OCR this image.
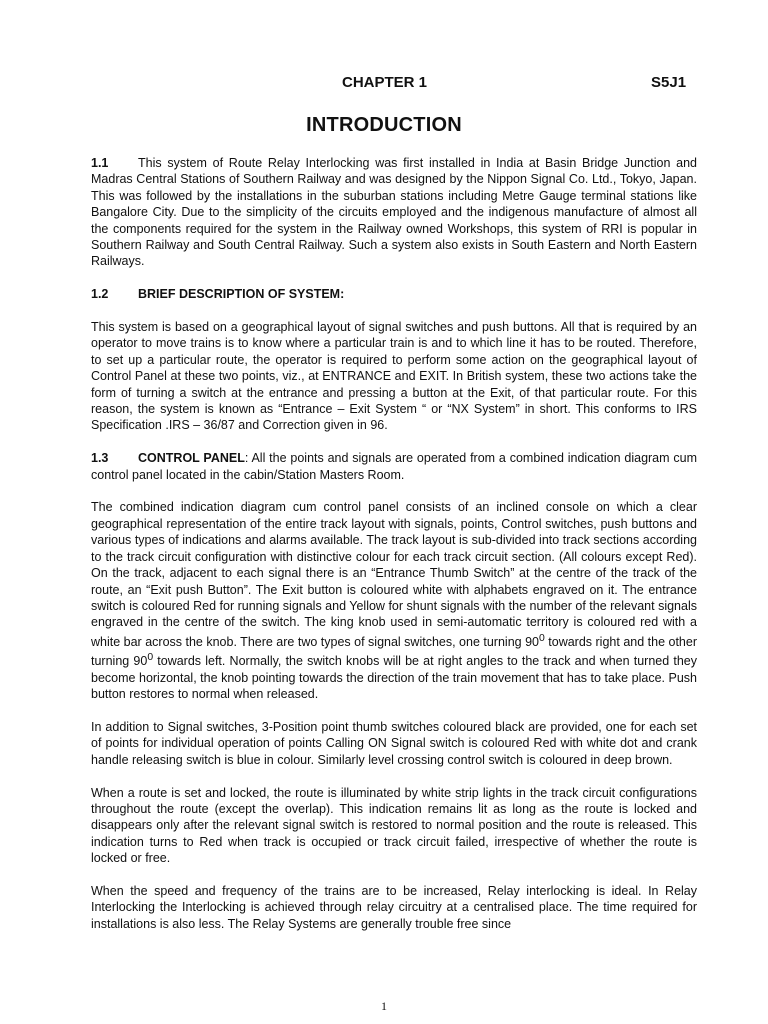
CHAPTER 1	S5J1
INTRODUCTION

1.1 This system of Route Relay Interlocking was first installed in India at Basin Bridge Junction and Madras Central Stations of Southern Railway and was designed by the Nippon Signal Co. Ltd., Tokyo, Japan. This was followed by the installations in the suburban stations including Metre Gauge terminal stations like Bangalore City. Due to the simplicity of the circuits employed and the indigenous manufacture of almost all the components required for the system in the Railway owned Workshops, this system of RRI is popular in Southern Railway and South Central Railway. Such a system also exists in South Eastern and North Eastern Railways.

1.2 BRIEF DESCRIPTION OF SYSTEM:

This system is based on a geographical layout of signal switches and push buttons. All that is required by an operator to move trains is to know where a particular train is and to which line it has to be routed. Therefore, to set up a particular route, the operator is required to perform some action on the geographical layout of Control Panel at these two points, viz., at ENTRANCE and EXIT. In British system, these two actions take the form of turning a switch at the entrance and pressing a button at the Exit, of that particular route. For this reason, the system is known as “Entrance – Exit System “ or “NX System” in short. This conforms to IRS Specification .IRS – 36/87 and Correction given in 96.

1.3 CONTROL PANEL: All the points and signals are operated from a combined indication diagram cum control panel located in the cabin/Station Masters Room.

The combined indication diagram cum control panel consists of an inclined console on which a clear geographical representation of the entire track layout with signals, points, Control switches, push buttons and various types of indications and alarms available. The track layout is sub-divided into track sections according to the track circuit configuration with distinctive colour for each track circuit section. (All colours except Red). On the track, adjacent to each signal there is an “Entrance Thumb Switch” at the centre of the track of the route, an “Exit push Button”. The Exit button is coloured white with alphabets engraved on it. The entrance switch is coloured Red for running signals and Yellow for shunt signals with the number of the relevant signals engraved in the centre of the switch. The king knob used in semi-automatic territory is coloured red with a white bar across the knob. There are two types of signal switches, one turning $90^0$ towards right and the other turning $90^0$ towards left. Normally, the switch knobs will be at right angles to the track and when turned they become horizontal, the knob pointing towards the direction of the train movement that has to take place. Push button restores to normal when released.

In addition to Signal switches, 3-Position point thumb switches coloured black are provided, one for each set of points for individual operation of points Calling ON Signal switch is coloured Red with white dot and crank handle releasing switch is blue in colour. Similarly level crossing control switch is coloured in deep brown.

When a route is set and locked, the route is illuminated by white strip lights in the track circuit configurations throughout the route (except the overlap). This indication remains lit as long as the route is locked and disappears only after the relevant signal switch is restored to normal position and the route is released. This indication turns to Red when track is occupied or track circuit failed, irrespective of whether the route is locked or free.

When the speed and frequency of the trains are to be increased, Relay interlocking is ideal. In Relay Interlocking the Interlocking is achieved through relay circuitry at a centralised place. The time required for installations is also less. The Relay Systems are generally trouble free since

1
